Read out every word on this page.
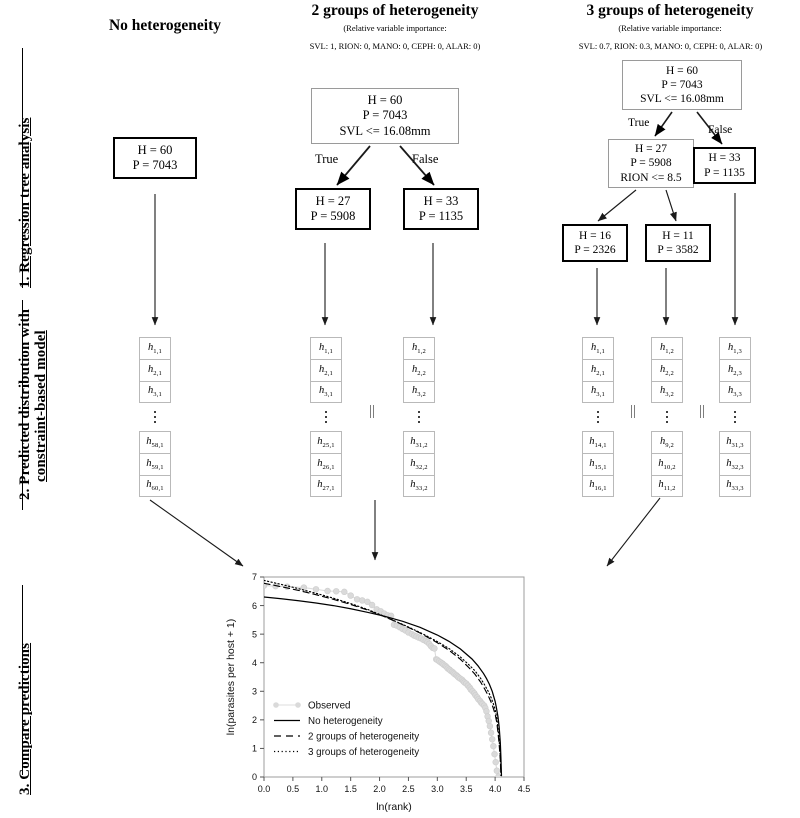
1. Regression tree analysis
2. Predicted distribution with constraint-based model
3. Compare predictions
No heterogeneity
2 groups of heterogeneity
(Relative variable importance:
SVL: 1, RION: 0, MANO: 0, CEPH: 0, ALAR: 0)
3 groups of heterogeneity
(Relative variable importance:
SVL: 0.7, RION: 0.3, MANO: 0, CEPH: 0, ALAR: 0)
H = 60
P = 7043
H = 60
P = 7043
SVL <= 16.08mm
True	False
H = 27
P = 5908
H = 33
P = 1135
H = 60
P = 7043
SVL <= 16.08mm
True
False
H = 27
P = 5908
RION <= 8.5
H = 33
P = 1135
H = 16
P = 2326
H = 11
P = 3582
$h_{1,1}$
$h_{2,1}$
$h_{3,1}$
$h_{58,1}$
$h_{59,1}$
$h_{60,1}$
$h_{1,1}$
$h_{2,1}$
$h_{3,1}$
$h_{25,1}$
$h_{26,1}$
$h_{27,1}$
$h_{1,2}$
$h_{2,2}$
$h_{3,2}$
$h_{31,2}$
$h_{32,2}$
$h_{33,2}$
$h_{1,1}$
$h_{2,1}$
$h_{3,1}$
$h_{14,1}$
$h_{15,1}$
$h_{16,1}$
$h_{1,2}$
$h_{2,2}$
$h_{3,2}$
$h_{9,2}$
$h_{10,2}$
$h_{11,2}$
$h_{1,3}$
$h_{2,3}$
$h_{3,3}$
$h_{31,3}$
$h_{32,3}$
$h_{33,3}$
||	||	||
0.0 0.5 1.0 1.5 2.0 2.5 3.0 3.5 4.0 4.5
0
1
2
3
4
5
6
7
ln(rank)
ln(parasites per host + 1)	Observed
No heterogeneity
2 groups of heterogeneity
3 groups of heterogeneity
